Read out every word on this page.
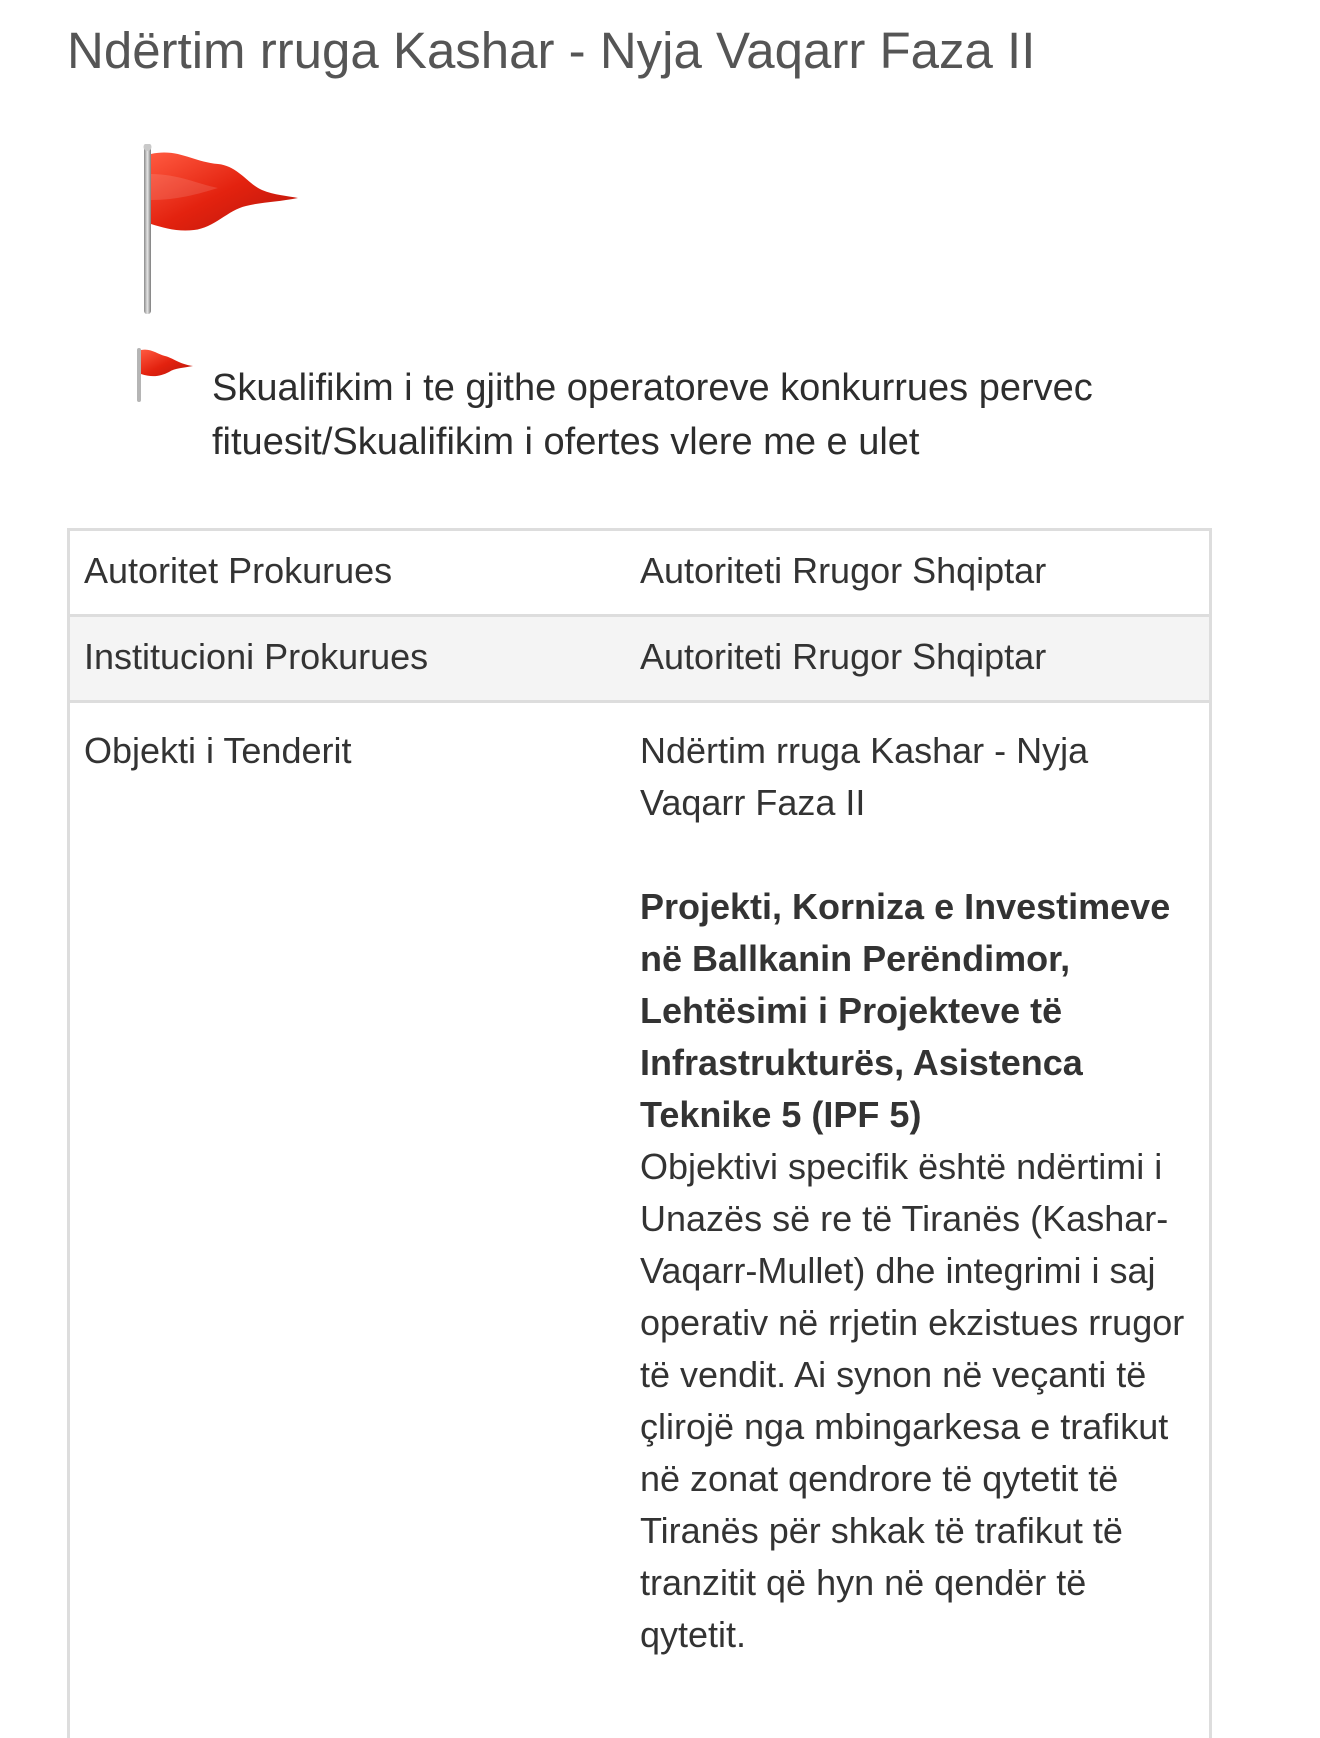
Ndërtim rruga Kashar - Nyja Vaqarr Faza II

Skualifikim i te gjithe operatoreve konkurrues pervec fituesit/Skualifikim i ofertes vlere me e ulet

Autoritet Prokurues	Autoriteti Rrugor Shqiptar
Institucioni Prokurues	Autoriteti Rrugor Shqiptar
Objekti i Tenderit	Ndërtim rruga Kashar - Nyja Vaqarr Faza II

Projekti, Korniza e Investimeve në Ballkanin Perëndimor, Lehtësimi i Projekteve të Infrastrukturës, Asistenca Teknike 5 (IPF 5)

Objektivi specifik është ndërtimi i Unazës së re të Tiranës (Kashar-Vaqarr-Mullet) dhe integrimi i saj operativ në rrjetin ekzistues rrugor të vendit. Ai synon në veçanti të çlirojë nga mbingarkesa e trafikut në zonat qendrore të qytetit të Tiranës për shkak të trafikut të tranzitit që hyn në qendër të qytetit.
